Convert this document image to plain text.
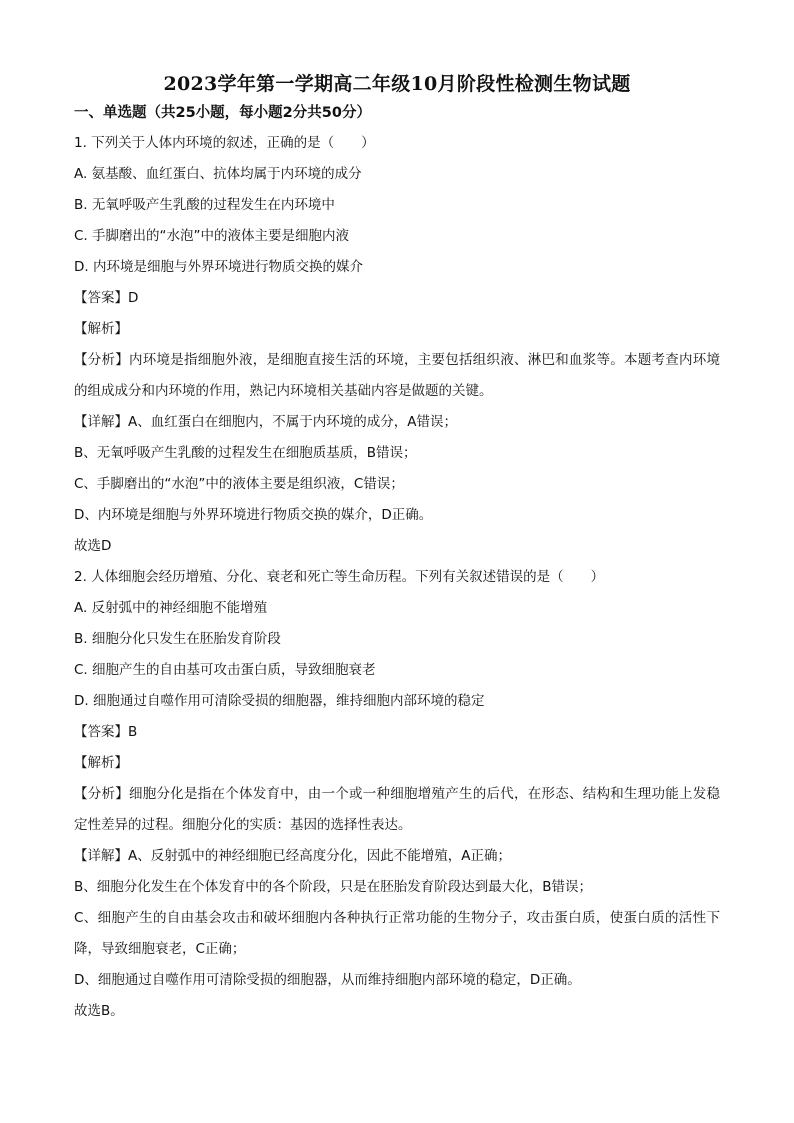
2023学年第一学期高二年级10月阶段性检测生物试题

一、单选题（共25小题，每小题2分共50分）

1. 下列关于人体内环境的叙述，正确的是（　　）

A. 氨基酸、血红蛋白、抗体均属于内环境的成分

B. 无氧呼吸产生乳酸的过程发生在内环境中

C. 手脚磨出的“水泡”中的液体主要是细胞内液

D. 内环境是细胞与外界环境进行物质交换的媒介

【答案】D

【解析】

【分析】内环境是指细胞外液，是细胞直接生活的环境，主要包括组织液、淋巴和血浆等。本题考查内环境的组成成分和内环境的作用，熟记内环境相关基础内容是做题的关键。

【详解】A、血红蛋白在细胞内，不属于内环境的成分，A错误；

B、无氧呼吸产生乳酸的过程发生在细胞质基质，B错误；

C、手脚磨出的“水泡”中的液体主要是组织液，C错误；

D、内环境是细胞与外界环境进行物质交换的媒介，D正确。

故选D

2. 人体细胞会经历增殖、分化、衰老和死亡等生命历程。下列有关叙述错误的是（　　）

A. 反射弧中的神经细胞不能增殖

B. 细胞分化只发生在胚胎发育阶段

C. 细胞产生的自由基可攻击蛋白质，导致细胞衰老

D. 细胞通过自噬作用可清除受损的细胞器，维持细胞内部环境的稳定

【答案】B

【解析】

【分析】细胞分化是指在个体发育中，由一个或一种细胞增殖产生的后代，在形态、结构和生理功能上发稳定性差异的过程。细胞分化的实质：基因的选择性表达。

【详解】A、反射弧中的神经细胞已经高度分化，因此不能增殖，A正确；

B、细胞分化发生在个体发育中的各个阶段，只是在胚胎发育阶段达到最大化，B错误；

C、细胞产生的自由基会攻击和破坏细胞内各种执行正常功能的生物分子，攻击蛋白质，使蛋白质的活性下降，导致细胞衰老，C正确；

D、细胞通过自噬作用可清除受损的细胞器，从而维持细胞内部环境的稳定，D正确。

故选B。
